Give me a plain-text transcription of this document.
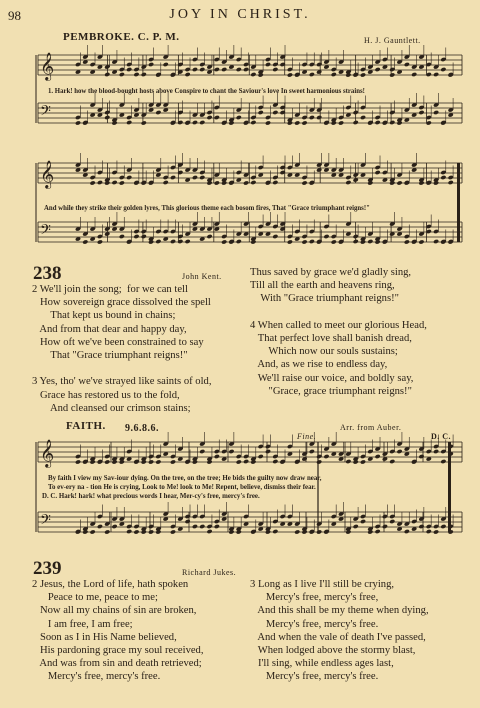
98	JOY IN CHRIST.
PEMBROKE. C. P. M.	H. J. Gauntlett.
𝄞
𝄢
𝄞
𝄢
𝄞
𝄢
1. Hark! how the blood-bought hosts above Conspire to chant the Saviour's love In sweet harmonious strains!
And while they strike their golden lyres, This glorious theme each bosom fires, That "Grace triumphant reigns!"
238	John Kent.
2 We'll join the song;  for we can tell
How sovereign grace dissolved the spell
That kept us bound in chains;
And from that dear and happy day,
How oft we've been constrained to say
That "Grace triumphant reigns!"

3 Yes, tho' we've strayed like saints of old,
Grace has restored us to the fold,
And cleansed our crimson stains;
Thus saved by grace we'd gladly sing,
Till all the earth and heavens ring,
With "Grace triumphant reigns!"

4 When called to meet our glorious Head,
That perfect love shall banish dread,
Which now our souls sustains;
And, as we rise to endless day,
We'll raise our voice, and boldly say,
"Grace, grace triumphant reigns!"
FAITH. 9.6.8.6.	Arr. from Auber.
Fine.	D. C.
By faith I view my Sav-iour dying. On the tree, on the tree; He bids the guilty now draw near,
To ev-ery na - tion He is crying, Look to Me! look to Me! Repent, believe, dismiss their fear.
D. C. Hark! hark! what precious words I hear, Mer-cy's free, mercy's free.
239	Richard Jukes.
2 Jesus, the Lord of life, hath spoken
Peace to me, peace to me;
Now all my chains of sin are broken,
I am free, I am free;
Soon as I in His Name believed,
His pardoning grace my soul received,
And was from sin and death retrieved;
Mercy's free, mercy's free.
3 Long as I live I'll still be crying,
Mercy's free, mercy's free,
And this shall be my theme when dying,
Mercy's free, mercy's free.
And when the vale of death I've passed,
When lodged above the stormy blast,
I'll sing, while endless ages last,
Mercy's free, mercy's free.
